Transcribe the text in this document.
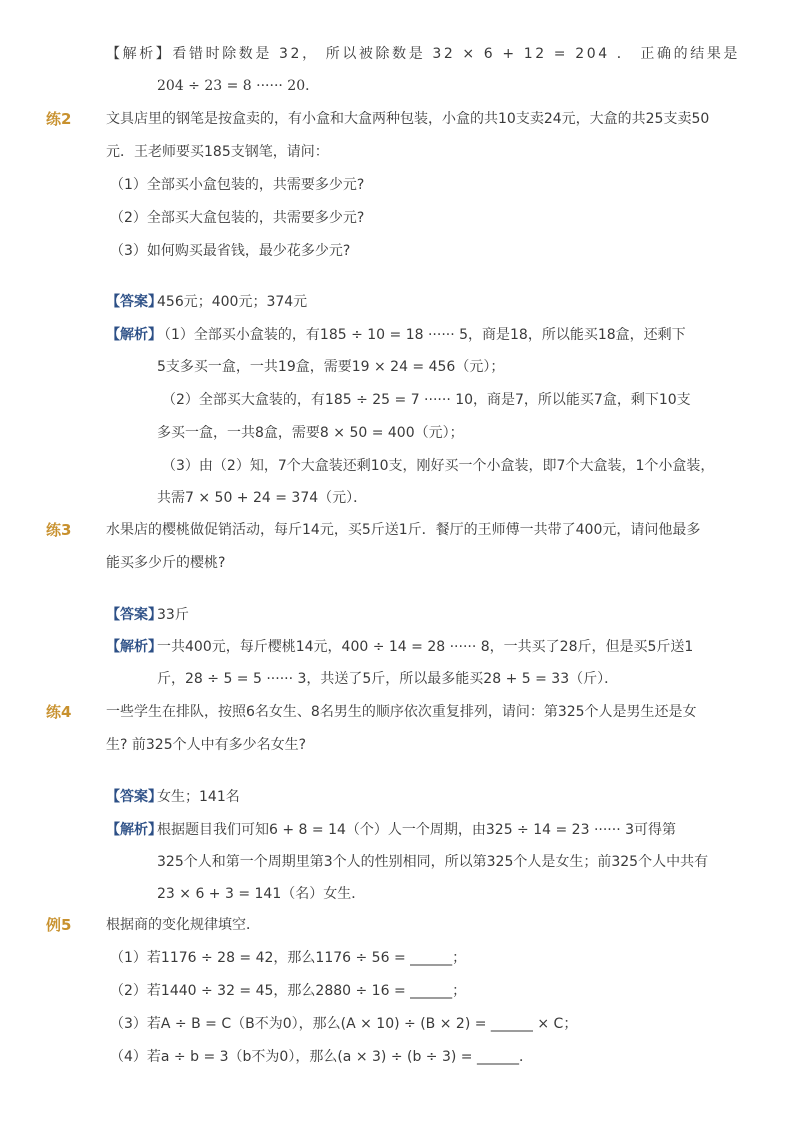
【解析】看错时除数是 32， 所以被除数是 32 × 6 + 12 = 204 ． 正确的结果是
204 ÷ 23 = 8 ······ 20．
练2 文具店里的钢笔是按盒卖的，有小盒和大盒两种包装，小盒的共10支卖24元，大盒的共25支卖50
元．王老师要买185支钢笔，请问：
（1）全部买小盒包装的，共需要多少元?
（2）全部买大盒包装的，共需要多少元?
（3）如何购买最省钱，最少花多少元?
【答案】
456元；400元；374元
【解析】
（1）全部买小盒装的，有185 ÷ 10 = 18 ······ 5，商是18，所以能买18盒，还剩下
5支多买一盒，一共19盒，需要19 × 24 = 456（元）；
（2）全部买大盒装的，有185 ÷ 25 = 7 ······ 10，商是7，所以能买7盒，剩下10支
多买一盒，一共8盒，需要8 × 50 = 400（元）；
（3）由（2）知，7个大盒装还剩10支，刚好买一个小盒装，即7个大盒装，1个小盒装，
共需7 × 50 + 24 = 374（元）．
练3 水果店的樱桃做促销活动，每斤14元，买5斤送1斤．餐厅的王师傅一共带了400元，请问他最多
能买多少斤的樱桃?
【答案】
33斤
【解析】
一共400元，每斤樱桃14元，400 ÷ 14 = 28 ······ 8，一共买了28斤，但是买5斤送1
斤，28 ÷ 5 = 5 ······ 3，共送了5斤，所以最多能买28 + 5 = 33（斤）．
练4 一些学生在排队，按照6名女生、8名男生的顺序依次重复排列，请问：第325个人是男生还是女
生? 前325个人中有多少名女生?
【答案】
女生；141名
【解析】
根据题目我们可知6 + 8 = 14（个）人一个周期，由325 ÷ 14 = 23 ······ 3可得第
325个人和第一个周期里第3个人的性别相同，所以第325个人是女生；前325个人中共有
23 × 6 + 3 = 141（名）女生．
例5 根据商的变化规律填空．
（1）若1176 ÷ 28 = 42，那么1176 ÷ 56 = ______；
（2）若1440 ÷ 32 = 45，那么2880 ÷ 16 = ______；
（3）若A ÷ B = C（B不为0），那么(A × 10) ÷ (B × 2) = ______ × C；
（4）若a ÷ b = 3（b不为0），那么(a × 3) ÷ (b ÷ 3) = ______．
